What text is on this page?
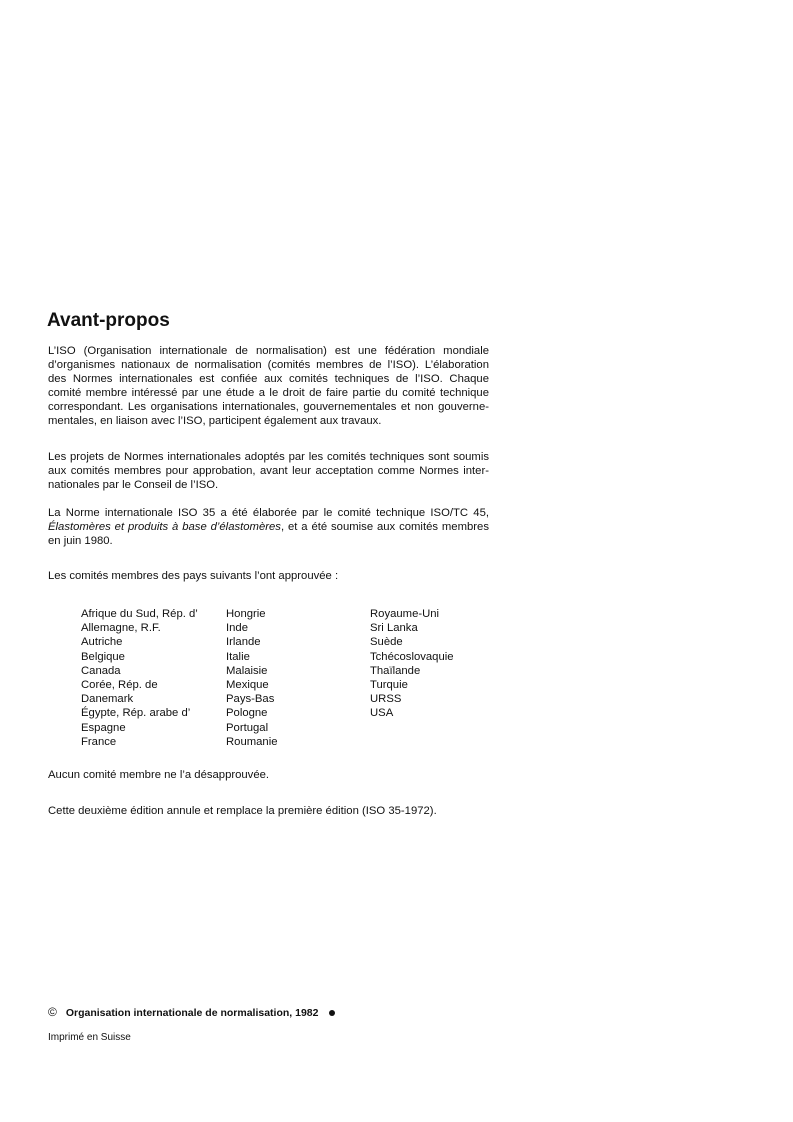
Avant-propos
L’ISO (Organisation internationale de normalisation) est une fédération mondiale
d’organismes nationaux de normalisation (comités membres de l’ISO). L’élaboration
des Normes internationales est confiée aux comités techniques de l’ISO. Chaque
comité membre intéressé par une étude a le droit de faire partie du comité technique
correspondant. Les organisations internationales, gouvernementales et non gouverne-
mentales, en liaison avec l’ISO, participent également aux travaux.
Les projets de Normes internationales adoptés par les comités techniques sont soumis
aux comités membres pour approbation, avant leur acceptation comme Normes inter-
nationales par le Conseil de l’ISO.
La Norme internationale ISO 35 a été élaborée par le comité technique ISO/TC 45,
Élastomères et produits à base d’élastomères, et a été soumise aux comités membres
en juin 1980.
Les comités membres des pays suivants l’ont approuvée :
Afrique du Sud, Rép. d’
Allemagne, R.F.
Autriche
Belgique
Canada
Corée, Rép. de
Danemark
Égypte, Rép. arabe d’
Espagne
France
Hongrie
Inde
Irlande
Italie
Malaisie
Mexique
Pays-Bas
Pologne
Portugal
Roumanie
Royaume-Uni
Sri Lanka
Suède
Tchécoslovaquie
Thaïlande
Turquie
URSS
USA
Aucun comité membre ne l’a désapprouvée.
Cette deuxième édition annule et remplace la première édition (ISO 35-1972).
© Organisation internationale de normalisation, 1982
Imprimé en Suisse
